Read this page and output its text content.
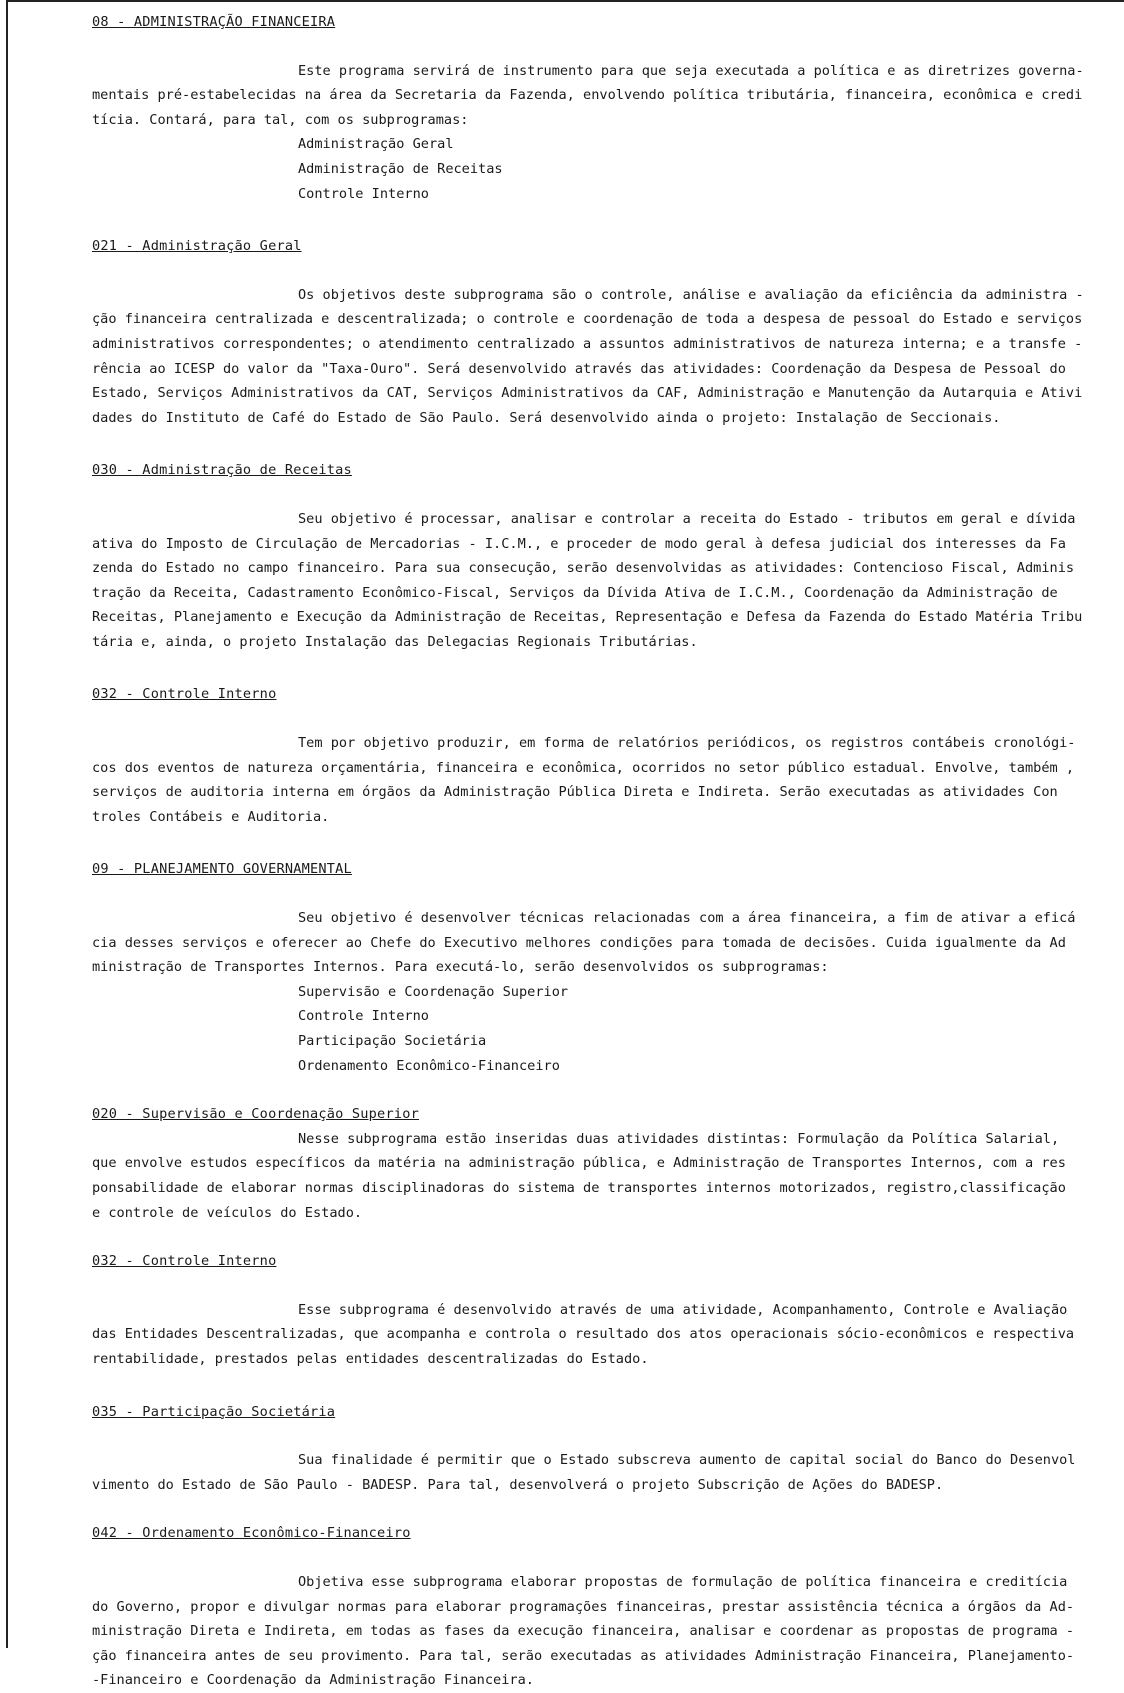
08 - ADMINISTRAÇÃO FINANCEIRA
Este programa servirá de instrumento para que seja executada a política e as diretrizes governa-
mentais pré-estabelecidas na área da Secretaria da Fazenda, envolvendo política tributária, financeira, econômica e credi
tícia. Contará, para tal, com os subprogramas:
Administração Geral
Administração de Receitas
Controle Interno
021 - Administração Geral
Os objetivos deste subprograma são o controle, análise e avaliação da eficiência da administra -
ção financeira centralizada e descentralizada; o controle e coordenação de toda a despesa de pessoal do Estado e serviços
administrativos correspondentes; o atendimento centralizado a assuntos administrativos de natureza interna; e a transfe -
rência ao ICESP do valor da "Taxa-Ouro". Será desenvolvido através das atividades: Coordenação da Despesa de Pessoal do
Estado, Serviços Administrativos da CAT, Serviços Administrativos da CAF, Administração e Manutenção da Autarquia e Ativi
dades do Instituto de Café do Estado de São Paulo. Será desenvolvido ainda o projeto: Instalação de Seccionais.
030 - Administração de Receitas
Seu objetivo é processar, analisar e controlar a receita do Estado - tributos em geral e dívida
ativa do Imposto de Circulação de Mercadorias - I.C.M., e proceder de modo geral à defesa judicial dos interesses da Fa
zenda do Estado no campo financeiro. Para sua consecução, serão desenvolvidas as atividades: Contencioso Fiscal, Adminis
tração da Receita, Cadastramento Econômico-Fiscal, Serviços da Dívida Ativa de I.C.M., Coordenação da Administração de
Receitas, Planejamento e Execução da Administração de Receitas, Representação e Defesa da Fazenda do Estado Matéria Tribu
tária e, ainda, o projeto Instalação das Delegacias Regionais Tributárias.
032 - Controle Interno
Tem por objetivo produzir, em forma de relatórios periódicos, os registros contábeis cronológi-
cos dos eventos de natureza orçamentária, financeira e econômica, ocorridos no setor público estadual. Envolve, também ,
serviços de auditoria interna em órgãos da Administração Pública Direta e Indireta. Serão executadas as atividades Con
troles Contábeis e Auditoria.
09 - PLANEJAMENTO GOVERNAMENTAL
Seu objetivo é desenvolver técnicas relacionadas com a área financeira, a fim de ativar a eficá
cia desses serviços e oferecer ao Chefe do Executivo melhores condições para tomada de decisões. Cuida igualmente da Ad
ministração de Transportes Internos. Para executá-lo, serão desenvolvidos os subprogramas:
Supervisão e Coordenação Superior
Controle Interno
Participação Societária
Ordenamento Econômico-Financeiro
020 - Supervisão e Coordenação Superior
Nesse subprograma estão inseridas duas atividades distintas: Formulação da Política Salarial,
que envolve estudos específicos da matéria na administração pública, e Administração de Transportes Internos, com a res
ponsabilidade de elaborar normas disciplinadoras do sistema de transportes internos motorizados, registro,classificação
e controle de veículos do Estado.
032 - Controle Interno
Esse subprograma é desenvolvido através de uma atividade, Acompanhamento, Controle e Avaliação
das Entidades Descentralizadas, que acompanha e controla o resultado dos atos operacionais sócio-econômicos e respectiva
rentabilidade, prestados pelas entidades descentralizadas do Estado.
035 - Participação Societária
Sua finalidade é permitir que o Estado subscreva aumento de capital social do Banco do Desenvol
vimento do Estado de São Paulo - BADESP. Para tal, desenvolverá o projeto Subscrição de Ações do BADESP.
042 - Ordenamento Econômico-Financeiro
Objetiva esse subprograma elaborar propostas de formulação de política financeira e creditícia
do Governo, propor e divulgar normas para elaborar programações financeiras, prestar assistência técnica a órgãos da Ad-
ministração Direta e Indireta, em todas as fases da execução financeira, analisar e coordenar as propostas de programa -
ção financeira antes de seu provimento. Para tal, serão executadas as atividades Administração Financeira, Planejamento-
-Financeiro e Coordenação da Administração Financeira.
